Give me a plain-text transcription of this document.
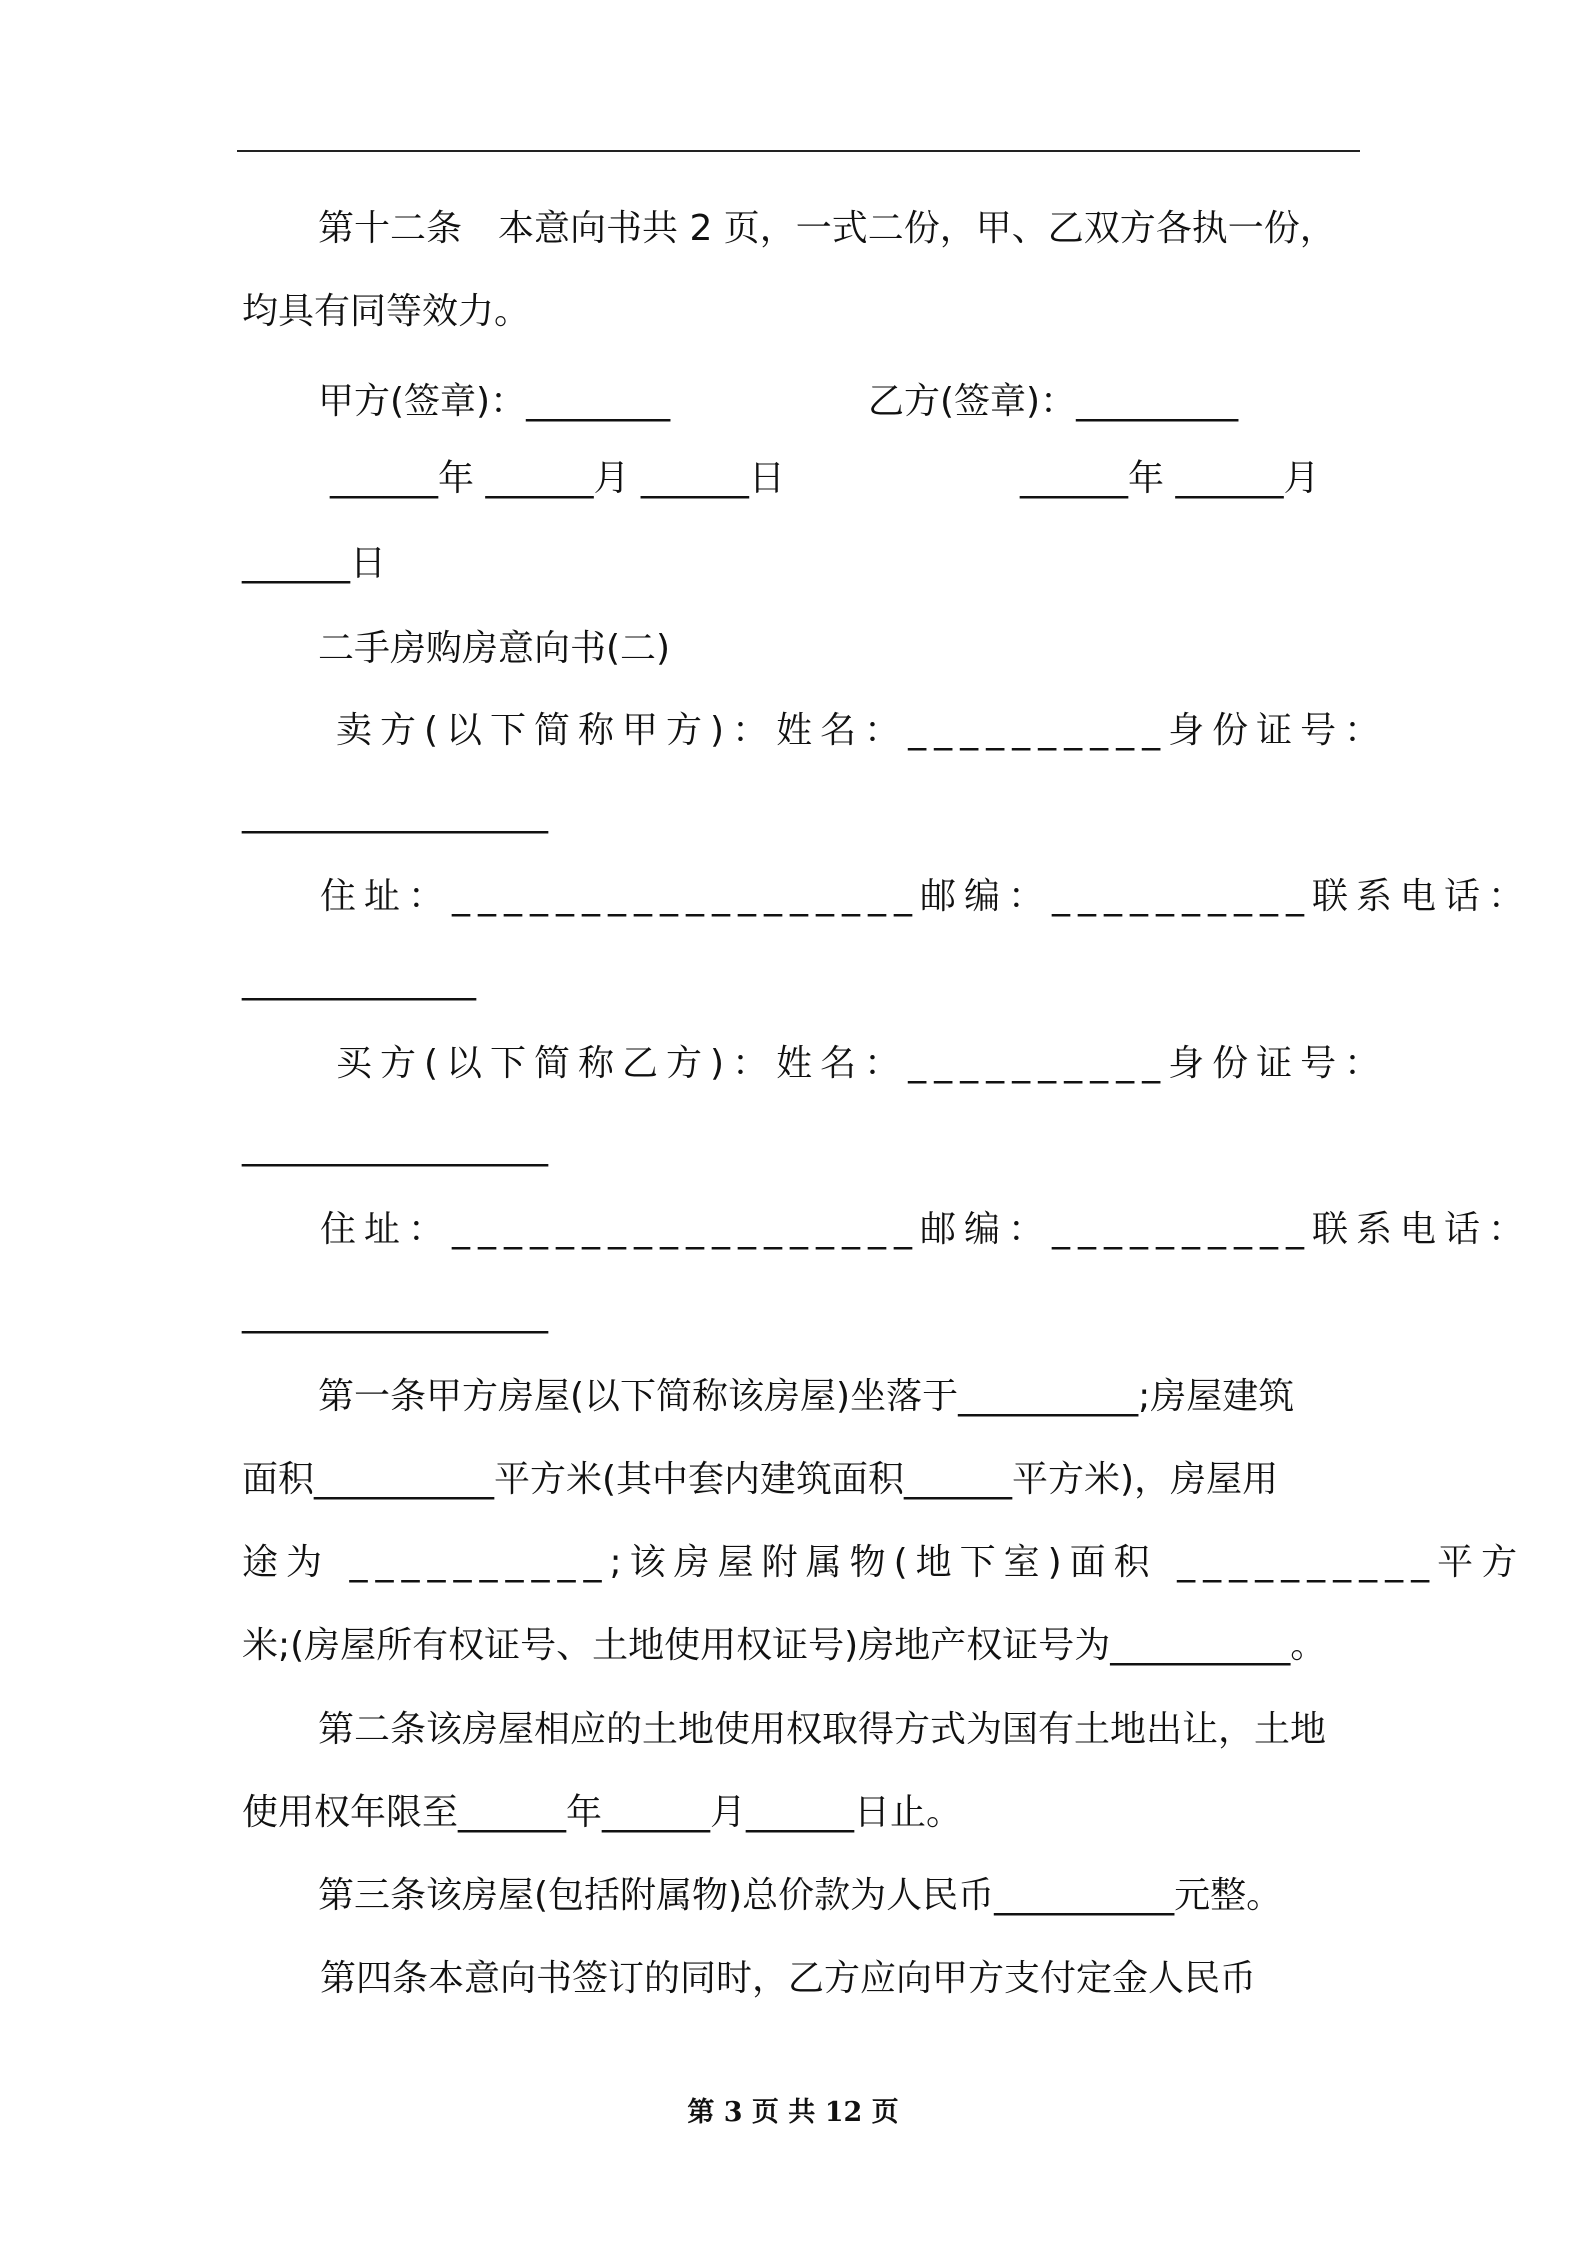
第十二条　本意向书共 2 页，一式二份，甲、乙双方各执一份，
均具有同等效力。
甲方(签章)：________	乙方(签章)：_________
______年 ______月 ______日	______年 ______月
______日
二手房购房意向书(二)
卖方(以下简称甲方)：姓名：__________身份证号：
_________________
住址：__________________邮编：__________联系电话：
_____________
买方(以下简称乙方)：姓名：__________身份证号：
_________________
住址：__________________邮编：__________联系电话：
_________________
第一条甲方房屋(以下简称该房屋)坐落于__________;房屋建筑
面积__________平方米(其中套内建筑面积______平方米)，房屋用
途为 __________;该房屋附属物(地下室)面积 __________平方
米;(房屋所有权证号、土地使用权证号)房地产权证号为__________。
第二条该房屋相应的土地使用权取得方式为国有土地出让，土地
使用权年限至______年______月______日止。
第三条该房屋(包括附属物)总价款为人民币__________元整。
第四条本意向书签订的同时，乙方应向甲方支付定金人民币
第 3 页 共 12 页
